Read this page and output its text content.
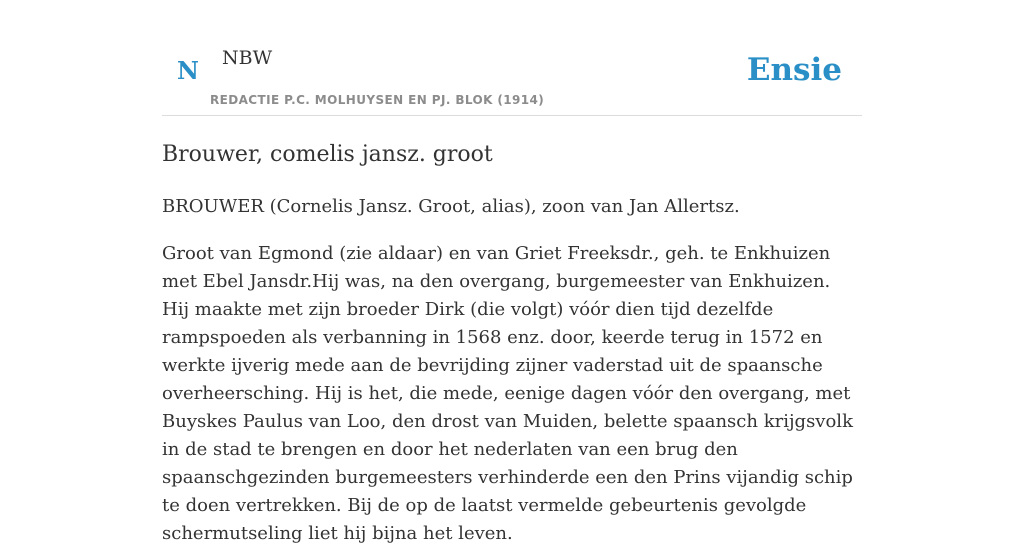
N NBW
REDACTIE P.C. MOLHUYSEN EN PJ. BLOK (1914)
Ensie
Brouwer, comelis jansz. groot

BROUWER (Cornelis Jansz. Groot, alias), zoon van Jan Allertsz.

Groot van Egmond (zie aldaar) en van Griet Freeksdr., geh. te Enkhuizen met Ebel Jansdr.Hij was, na den overgang, burgemeester van Enkhuizen. Hij maakte met zijn broeder Dirk (die volgt) vóór dien tijd dezelfde rampspoeden als verbanning in 1568 enz. door, keerde terug in 1572 en werkte ijverig mede aan de bevrijding zijner vaderstad uit de spaansche overheersching. Hij is het, die mede, eenige dagen vóór den overgang, met Buyskes Paulus van Loo, den drost van Muiden, belette spaansch krijgsvolk in de stad te brengen en door het nederlaten van een brug den spaanschgezinden burgemeesters verhinderde een den Prins vijandig schip te doen vertrekken. Bij de op de laatst vermelde gebeurtenis gevolgde schermutseling liet hij bijna het leven.
